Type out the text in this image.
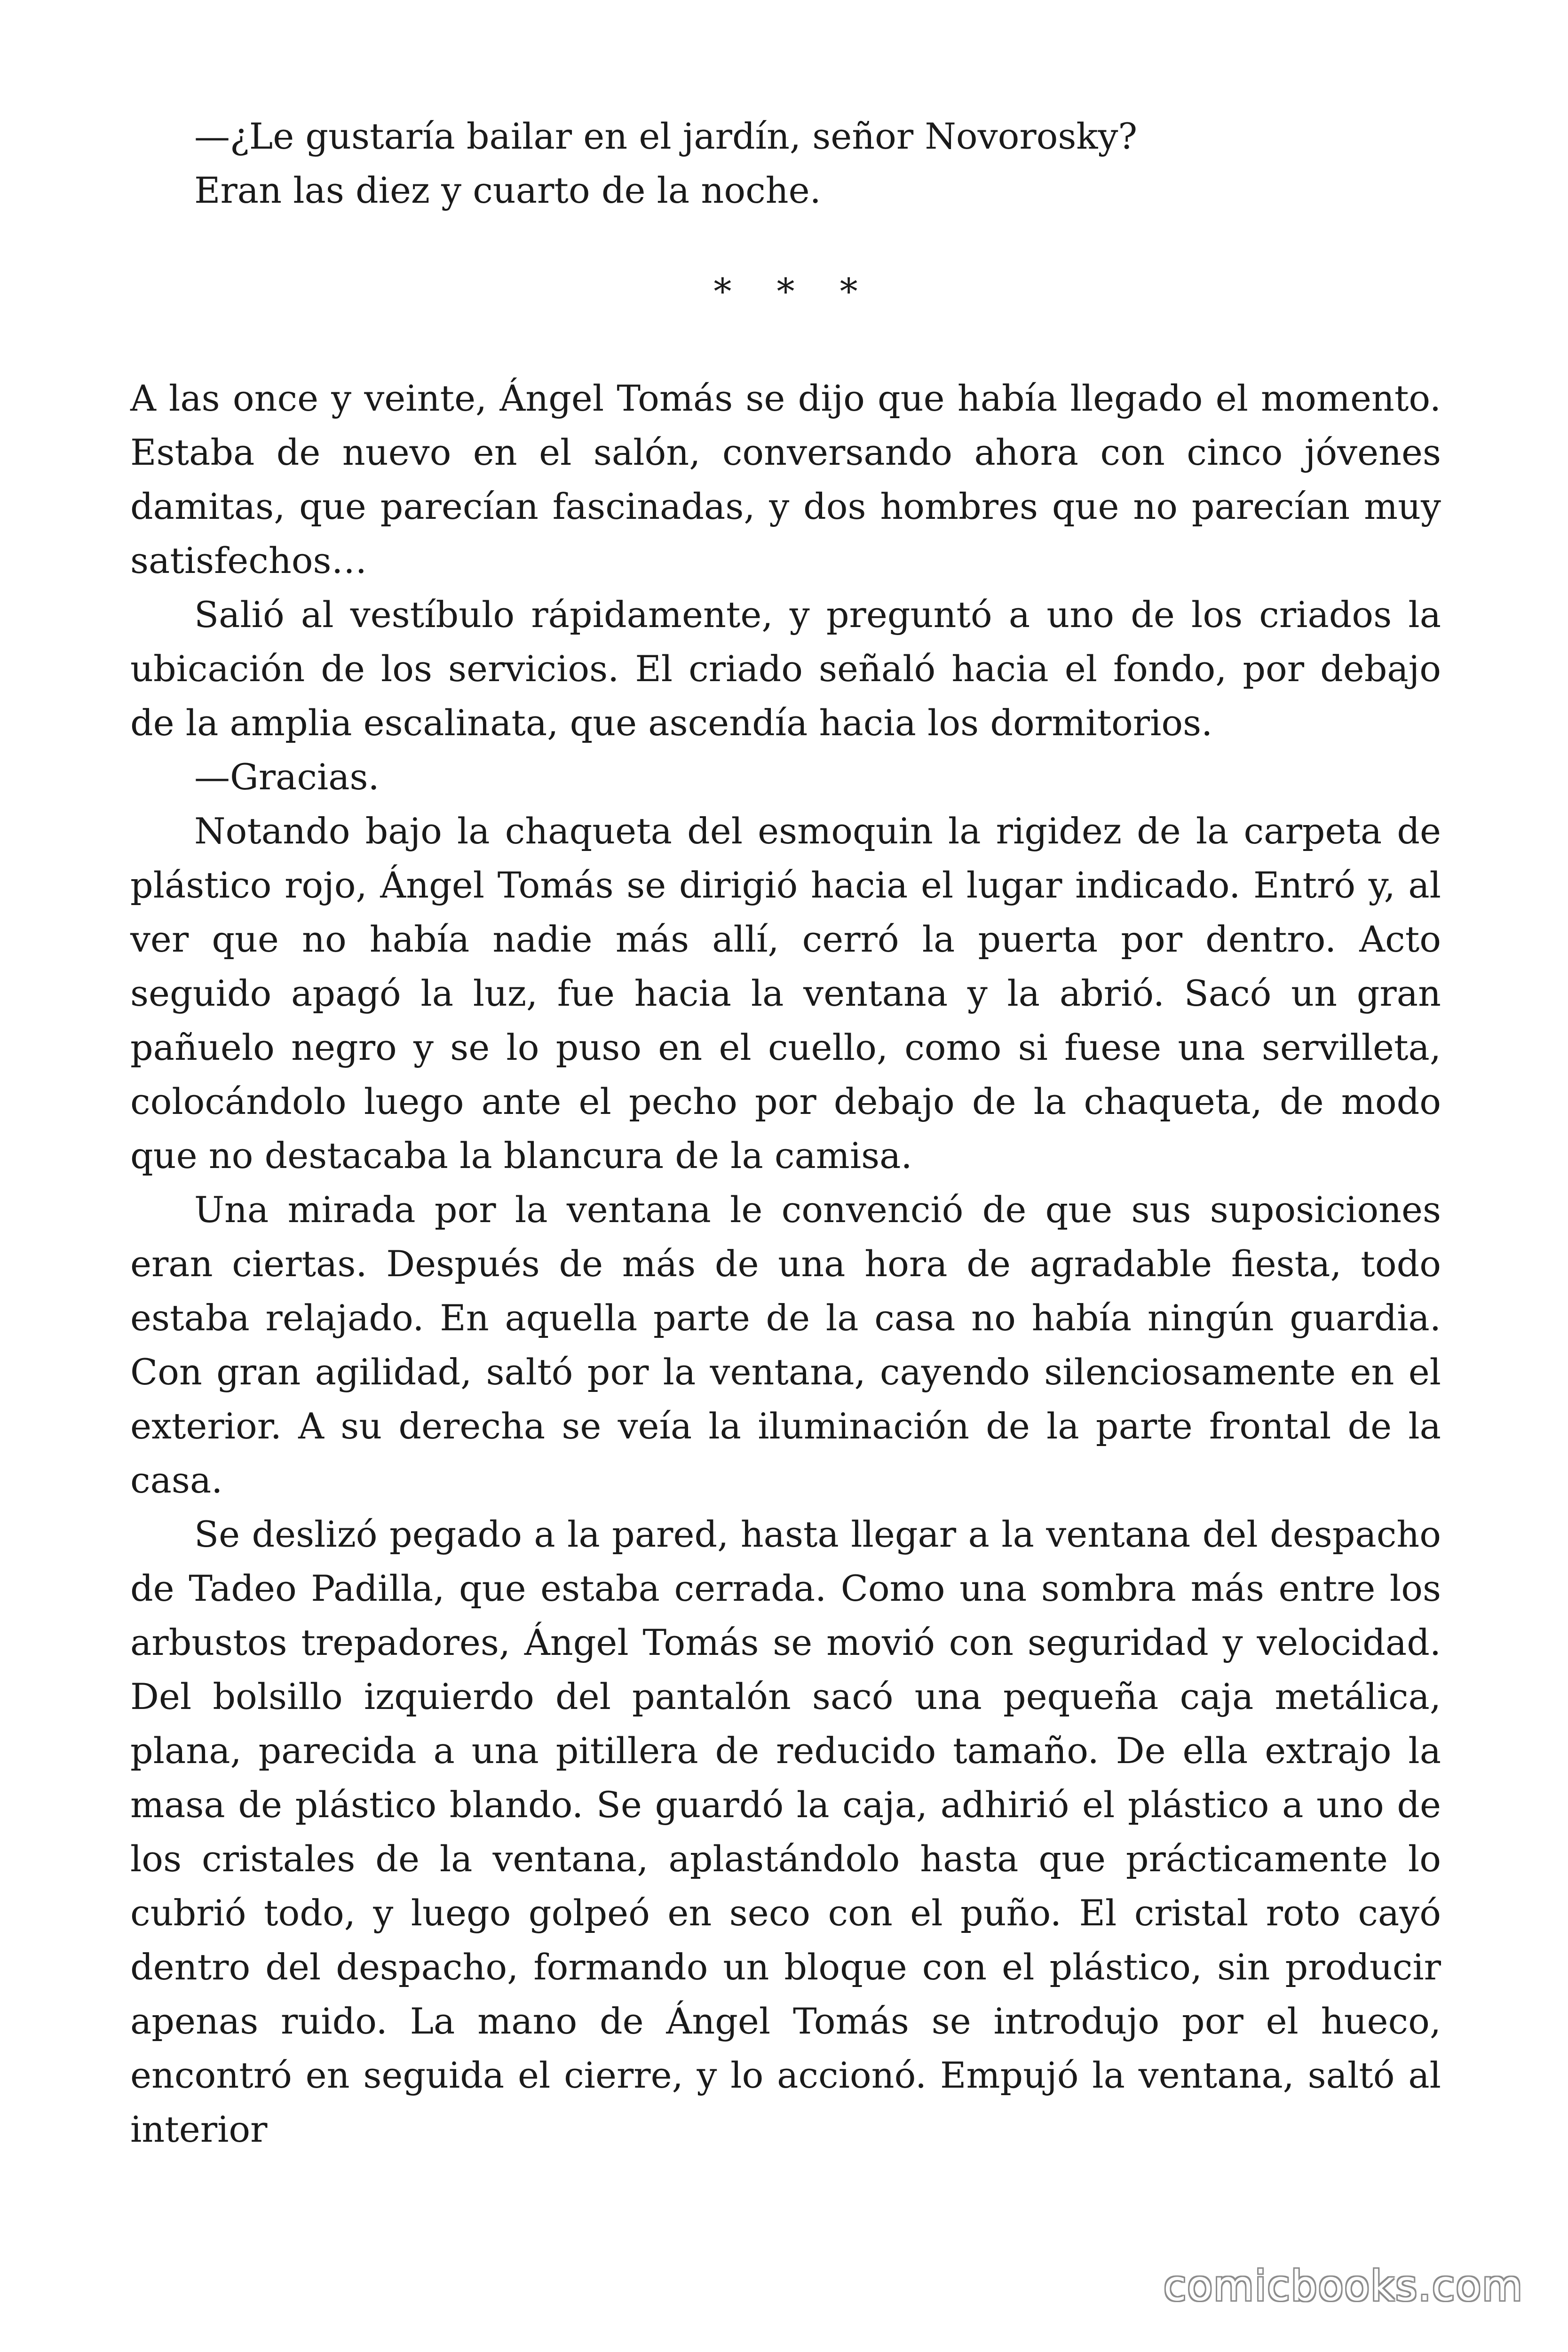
—¿Le gustaría bailar en el jardín, señor Novorosky?

Eran las diez y cuarto de la noche.

* * *

A las once y veinte, Ángel Tomás se dijo que había llegado el momento. Estaba de nuevo en el salón, conversando ahora con cinco jóvenes damitas, que parecían fascinadas, y dos hombres que no parecían muy satisfechos…

Salió al vestíbulo rápidamente, y preguntó a uno de los criados la ubicación de los servicios. El criado señaló hacia el fondo, por debajo de la amplia escalinata, que ascendía hacia los dormitorios.

—Gracias.

Notando bajo la chaqueta del esmoquin la rigidez de la carpeta de plástico rojo, Ángel Tomás se dirigió hacia el lugar indicado. Entró y, al ver que no había nadie más allí, cerró la puerta por dentro. Acto seguido apagó la luz, fue hacia la ventana y la abrió. Sacó un gran pañuelo negro y se lo puso en el cuello, como si fuese una servilleta, colocándolo luego ante el pecho por debajo de la chaqueta, de modo que no destacaba la blancura de la camisa.

Una mirada por la ventana le convenció de que sus suposiciones eran ciertas. Después de más de una hora de agradable fiesta, todo estaba relajado. En aquella parte de la casa no había ningún guardia. Con gran agilidad, saltó por la ventana, cayendo silenciosamente en el exterior. A su derecha se veía la iluminación de la parte frontal de la casa.

Se deslizó pegado a la pared, hasta llegar a la ventana del despacho de Tadeo Padilla, que estaba cerrada. Como una sombra más entre los arbustos trepadores, Ángel Tomás se movió con seguridad y velocidad. Del bolsillo izquierdo del pantalón sacó una pequeña caja metálica, plana, parecida a una pitillera de reducido tamaño. De ella extrajo la masa de plástico blando. Se guardó la caja, adhirió el plástico a uno de los cristales de la ventana, aplastándolo hasta que prácticamente lo cubrió todo, y luego golpeó en seco con el puño. El cristal roto cayó dentro del despacho, formando un bloque con el plástico, sin producir apenas ruido. La mano de Ángel Tomás se introdujo por el hueco, encontró en seguida el cierre, y lo accionó. Empujó la ventana, saltó al interior

comicbooks.com
